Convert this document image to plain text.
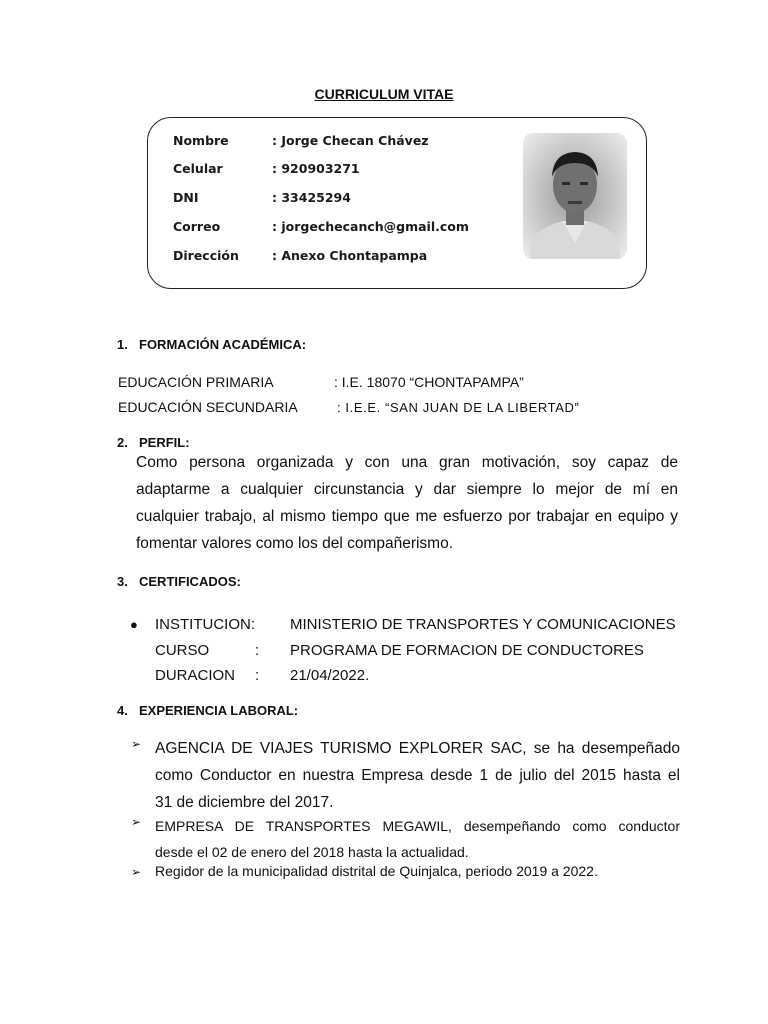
CURRICULUM VITAE
Nombre	: Jorge Checan Chávez
Celular	: 920903271
DNI	: 33425294
Correo	: jorgechecanch@gmail.com
Dirección	: Anexo Chontapampa
1. FORMACIÓN ACADÉMICA:
EDUCACIÓN PRIMARIA	: I.E. 18070 “CHONTAPAMPA”
EDUCACIÓN SECUNDARIA	: I.E.E. “SAN JUAN DE LA LIBERTAD”
2. PERFIL:
Como persona organizada y con una gran motivación, soy capaz de
adaptarme a cualquier circunstancia y dar siempre lo mejor de mí en
cualquier trabajo, al mismo tiempo que me esfuerzo por trabajar en equipo y
fomentar valores como los del compañerismo.
3. CERTIFICADOS:
● INSTITUCION: MINISTERIO DE TRANSPORTES Y COMUNICACIONES
CURSO	: PROGRAMA DE FORMACION DE CONDUCTORES
DURACION : 21/04/2022.
4. EXPERIENCIA LABORAL:
➢ AGENCIA DE VIAJES TURISMO EXPLORER SAC, se ha desempeñado
como Conductor en nuestra Empresa desde 1 de julio del 2015 hasta el
31 de diciembre del 2017.
➢ EMPRESA DE TRANSPORTES MEGAWIL, desempeñando como conductor
desde el 02 de enero del 2018 hasta la actualidad.
➢ Regidor de la municipalidad distrital de Quinjalca, periodo 2019 a 2022.
